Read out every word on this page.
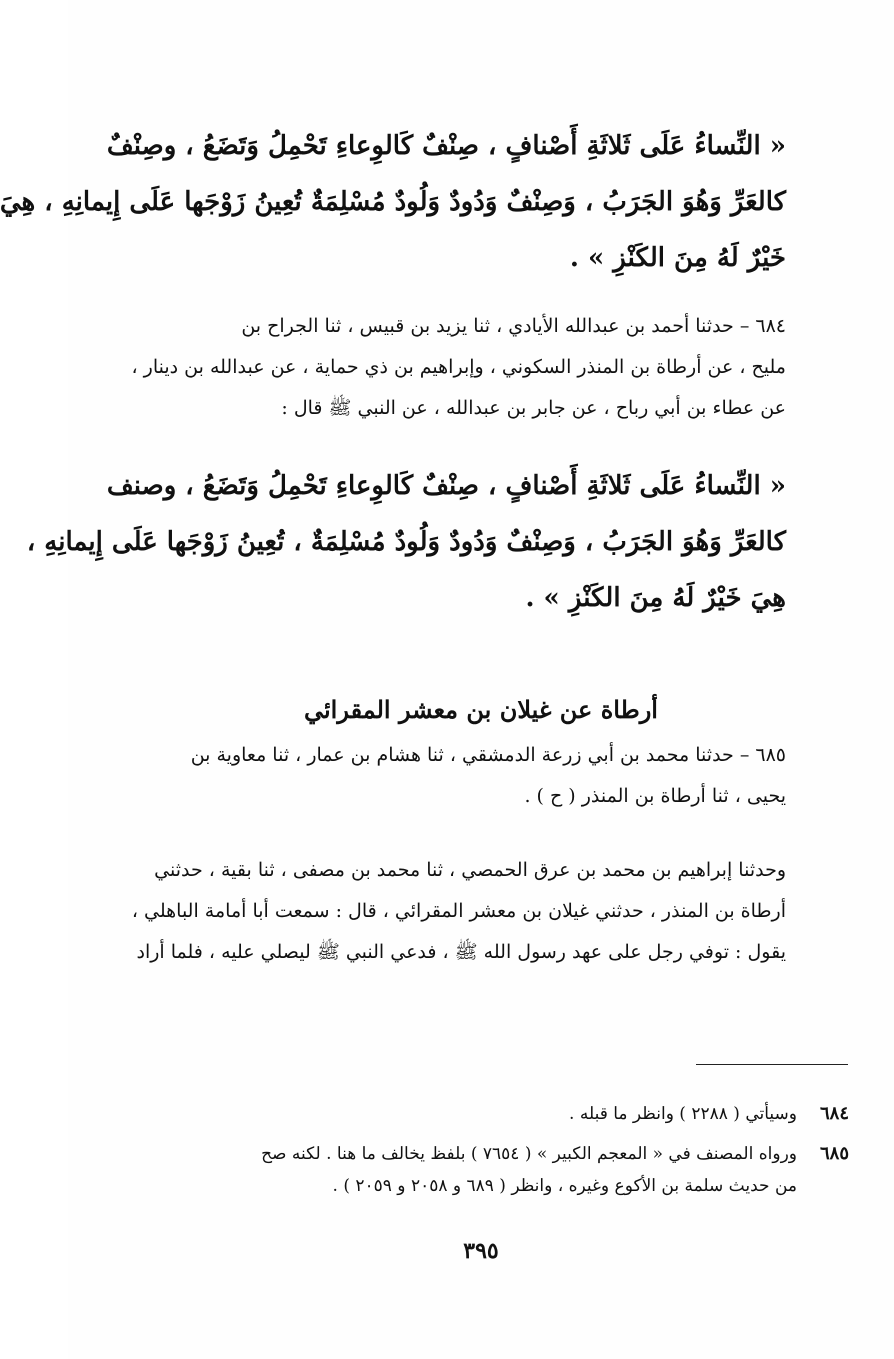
« النِّساءُ عَلَى ثَلاثَةِ أَصْنافٍ ، صِنْفٌ كَالوِعاءِ تَحْمِلُ وَتَضَعُ ، وصِنْفٌ
كالعَرِّ وَهُوَ الجَرَبُ ، وَصِنْفٌ وَدُودٌ وَلُودٌ مُسْلِمَةٌ تُعِينُ زَوْجَها عَلَى إِيمانِهِ ، هِيَ
خَيْرٌ لَهُ مِنَ الكَنْزِ » .
٦٨٤ – حدثنا أحمد بن عبدالله الأيادي ، ثنا يزيد بن قبيس ، ثنا الجراح بن
مليح ، عن أرطاة بن المنذر السكوني ، وإبراهيم بن ذي حماية ، عن عبدالله بن دينار ،
عن عطاء بن أبي رباح ، عن جابر بن عبدالله ، عن النبي ﷺ قال :
« النِّساءُ عَلَى ثَلاثَةِ أَصْنافٍ ، صِنْفٌ كَالوِعاءِ تَحْمِلُ وَتَضَعُ ، وصنف
كالعَرِّ وَهُوَ الجَرَبُ ، وَصِنْفٌ وَدُودٌ وَلُودٌ مُسْلِمَةٌ ، تُعِينُ زَوْجَها عَلَى إِيمانِهِ ،
هِيَ خَيْرٌ لَهُ مِنَ الكَنْزِ » .
أرطاة عن غيلان بن معشر المقرائي
٦٨٥ – حدثنا محمد بن أبي زرعة الدمشقي ، ثنا هشام بن عمار ، ثنا معاوية بن
يحيى ، ثنا أرطاة بن المنذر ( ح ) .
وحدثنا إبراهيم بن محمد بن عرق الحمصي ، ثنا محمد بن مصفى ، ثنا بقية ، حدثني
أرطاة بن المنذر ، حدثني غيلان بن معشر المقرائي ، قال : سمعت أبا أمامة الباهلي ،
يقول : توفي رجل على عهد رسول الله ﷺ ، فدعي النبي ﷺ ليصلي عليه ، فلما أراد
٦٨٤
وسيأتي ( ٢٢٨٨ ) وانظر ما قبله .
٦٨٥
ورواه المصنف في « المعجم الكبير » ( ٧٦٥٤ ) بلفظ يخالف ما هنا . لكنه صح
من حديث سلمة بن الأكوع وغيره ، وانظر ( ٦٨٩ و ٢٠٥٨ و ٢٠٥٩ ) .
٣٩٥
